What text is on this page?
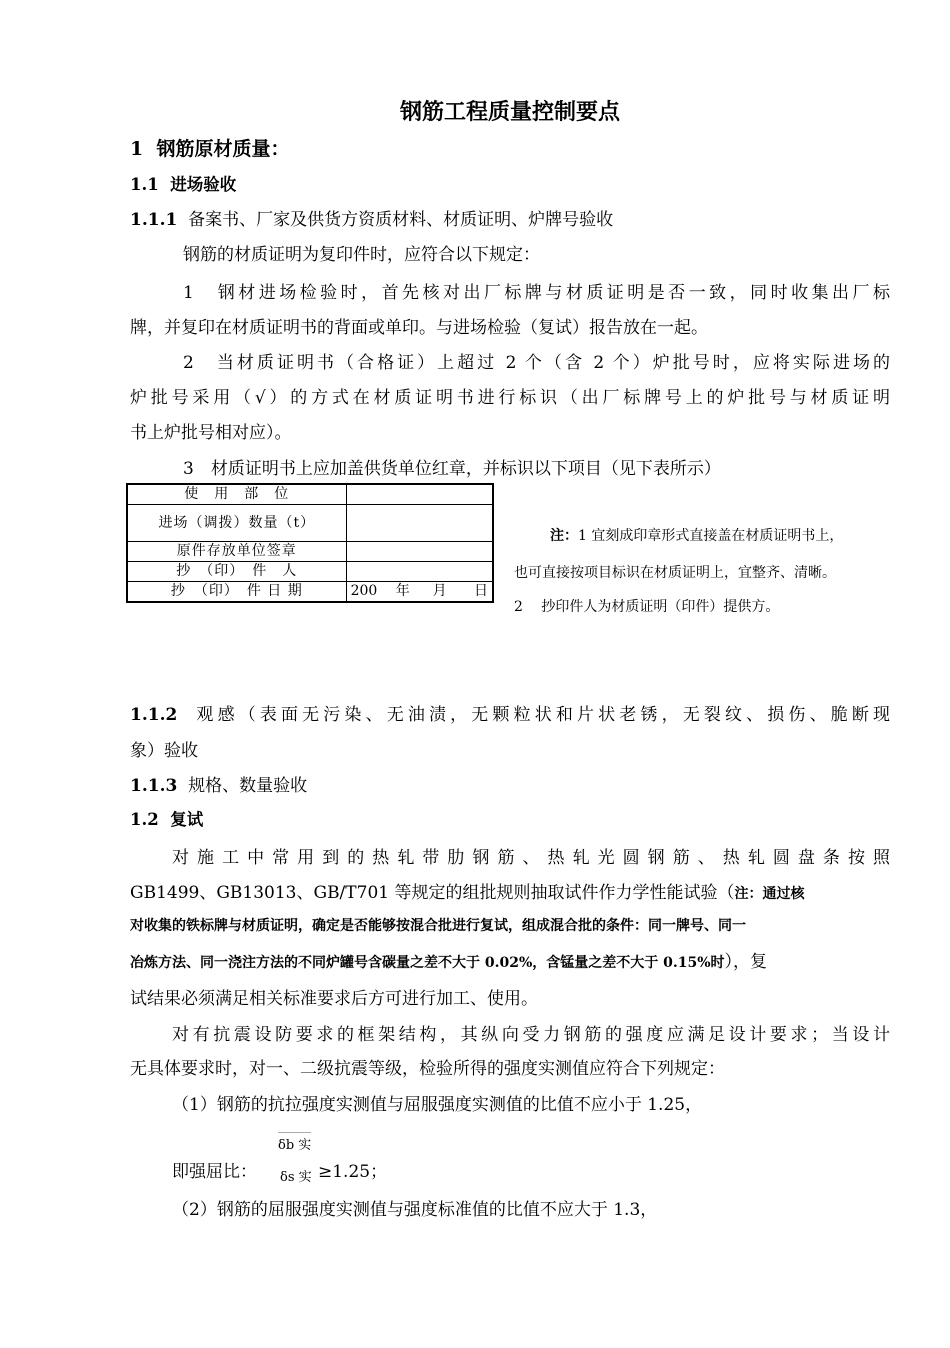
钢筋工程质量控制要点
1 钢筋原材质量：
1.1 进场验收
1.1.1 备案书、厂家及供货方资质材料、材质证明、炉牌号验收
钢筋的材质证明为复印件时，应符合以下规定：
1　钢材进场检验时，首先核对出厂标牌与材质证明是否一致，同时收集出厂标
牌，并复印在材质证明书的背面或单印。与进场检验（复试）报告放在一起。
2　当材质证明书（合格证）上超过 2 个（含 2 个）炉批号时，应将实际进场的
炉批号采用（√）的方式在材质证明书进行标识（出厂标牌号上的炉批号与材质证明
书上炉批号相对应）。
3　材质证明书上应加盖供货单位红章，并标识以下项目（见下表所示）
使　用　部　位	
进场（调拨）数量（t）	
原件存放单位签章	
抄　（印）　件　人	
抄　（印）　件 日 期	200　 年　  月 　  日
注：1 宜刻成印章形式直接盖在材质证明书上，
也可直接按项目标识在材质证明上，宜整齐、清晰。
2　 抄印件人为材质证明（印件）提供方。
1.1.2 观感（表面无污染、无油渍，无颗粒状和片状老锈，无裂纹、损伤、脆断现
象）验收
1.1.3 规格、数量验收
1.2 复试
对施工中常用到的热轧带肋钢筋、热轧光圆钢筋、热轧圆盘条按照
GB1499、GB13013、GB/T701 等规定的组批规则抽取试件作力学性能试验（注：通过核
对收集的铁标牌与材质证明，确定是否能够按混合批进行复试，组成混合批的条件：同一牌号、同一
冶炼方法、同一浇注方法的不同炉罐号含碳量之差不大于 0.02%，含锰量之差不大于 0.15%时），复
试结果必须满足相关标准要求后方可进行加工、使用。
对有抗震设防要求的框架结构，其纵向受力钢筋的强度应满足设计要求；当设计
无具体要求时，对一、二级抗震等级，检验所得的强度实测值应符合下列规定：
（1）钢筋的抗拉强度实测值与屈服强度实测值的比值不应小于 1.25，
即强屈比：
δb 实
δs 实 ≥1.25；
（2）钢筋的屈服强度实测值与强度标准值的比值不应大于 1.3，
